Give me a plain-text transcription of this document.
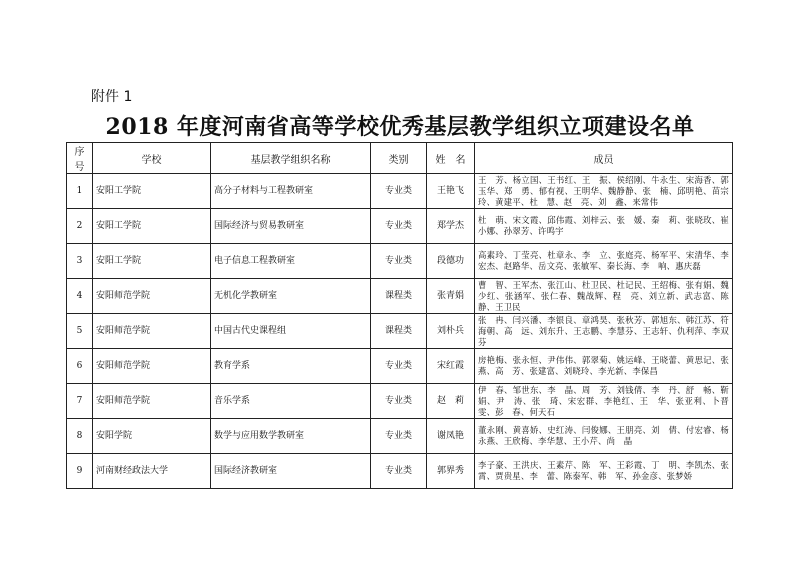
附件 1
2018 年度河南省高等学校优秀基层教学组织立项建设名单
序号	学校	基层教学组织名称	类别	姓　名	成员
1	安阳工学院	高分子材料与工程教研室	专业类	王艳飞	王　芳、杨立国、王书红、王　振、侯绍刚、牛永生、宋海香、郭玉华、郑　勇、郁有视、王明华、魏静静、张　楠、邱明艳、苗宗玲、黄建平、杜　慧、赵　亮、刘　鑫、来常伟
2	安阳工学院	国际经济与贸易教研室	专业类	郑学杰	杜　萌、宋文霞、邱伟霞、刘梓云、张　媛、秦　莉、张晓玫、崔小娜、孙翠芳、许鸣宇
3	安阳工学院	电子信息工程教研室	专业类	段德功	高素玲、丁莹亮、杜章永、李　立、张庭亮、杨军平、宋清华、李宏杰、赵路华、岳文亮、张敏军、秦长海、李　响、惠庆磊
4	安阳师范学院	无机化学教研室	课程类	张青娟	曹　智、王军杰、张江山、杜卫民、杜记民、王绍梅、张有娟、魏少红、张涵军、张仁春、魏战辉、程　亮、刘立新、武志富、陈　静、王卫民
5	安阳师范学院	中国古代史课程组	课程类	刘朴兵	张　冉、闫兴潘、李银良、章鸿昊、张秋芳、郭旭东、韩江苏、符海朝、高　远、刘东升、王志鹏、李慧芬、王志轩、仇利萍、李双芬
6	安阳师范学院	教育学系	专业类	宋红霞	房艳梅、张永恒、尹伟伟、郭翠菊、姚运峰、王晓蕾、黄思记、张　燕、高　芳、张建富、刘晓玲、李光新、李保昌
7	安阳师范学院	音乐学系	专业类	赵　莉	伊　春、邹世东、李　晶、周　芳、刘钱倩、李　丹、舒　畅、靳　娟、尹　涛、张　琦、宋宏群、李艳红、王　华、张亚利、卜晋雯、彭　春、何天石
8	安阳学院	数学与应用数学教研室	专业类	谢凤艳	董永刚、黄喜娇、史红涛、闫俊娜、王朋亮、刘　倩、付宏睿、杨永燕、王欣梅、李华慧、王小芹、尚　晶
9	河南财经政法大学	国际经济教研室	专业类	郭界秀	李子豪、王洪庆、王素芹、陈　军、王彩霞、丁　明、李凯杰、张　霄、贾贵星、李　蕾、陈泰军、韩　军、孙金彦、张梦娇
